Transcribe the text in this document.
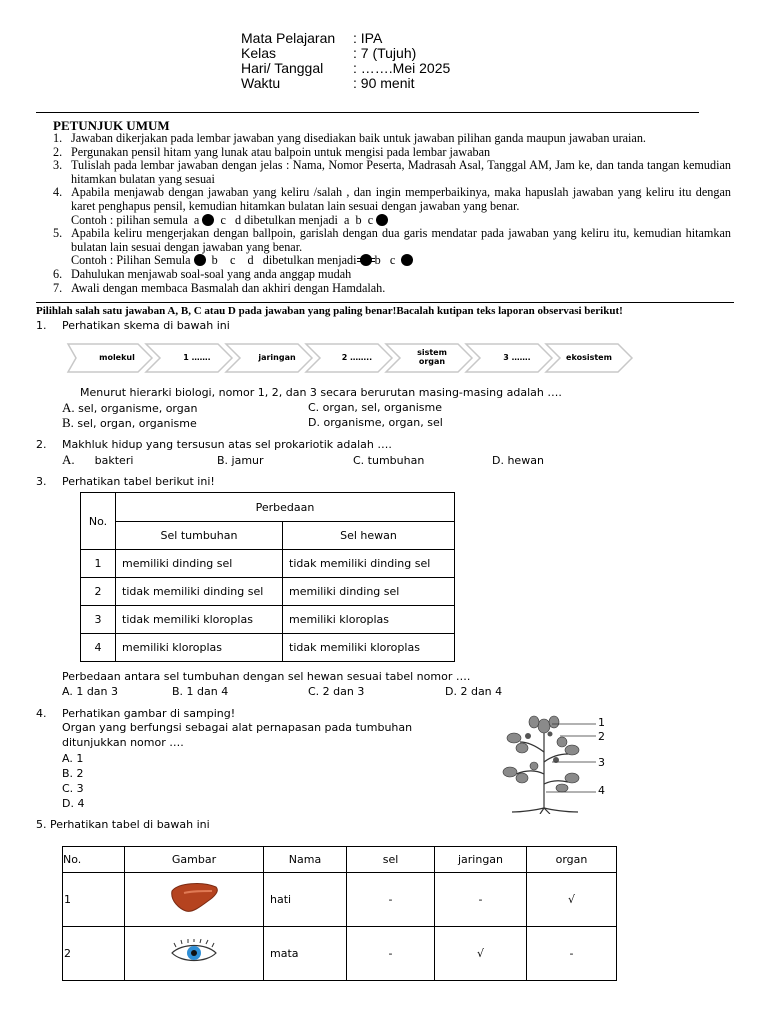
Mata Pelajaran : IPA
Kelas	: 7 (Tujuh)
Hari/ Tanggal : …….Mei 2025
Waktu	: 90 menit
PETUNJUK UMUM
1. Jawaban dikerjakan pada lembar jawaban yang disediakan baik untuk jawaban pilihan ganda maupun jawaban uraian.
2. Pergunakan pensil hitam yang lunak atau balpoin untuk mengisi pada lembar jawaban
3. Tulislah pada lembar jawaban dengan jelas : Nama, Nomor Peserta, Madrasah Asal, Tanggal AM, Jam ke, dan tanda tangan kemudian hitamkan bulatan yang sesuai
4. Apabila menjawab dengan jawaban yang keliru /salah , dan ingin memperbaikinya, maka hapuslah jawaban yang keliru itu dengan karet penghapus pensil, kemudian hitamkan bulatan lain sesuai dengan jawaban yang benar.
Contoh : pilihan semula a c d dibetulkan menjadi a b c
5. Apabila keliru mengerjakan dengan ballpoin, garislah dengan dua garis mendatar pada jawaban yang keliru itu, kemudian hitamkan bulatan lain sesuai dengan jawaban yang benar.
Contoh : Pilihan Semula b c d dibetulkan menjadi b c
6. Dahulukan menjawab soal-soal yang anda anggap mudah
7. Awali dengan membaca Basmalah dan akhiri dengan Hamdalah.
Pilihlah salah satu jawaban A, B, C atau D pada jawaban yang paling benar!Bacalah kutipan teks laporan observasi berikut!
1. Perhatikan skema di bawah ini
molekul	1 …….	jaringan	2 ……..
sistem organ	3 …….	ekosistem
Menurut hierarki biologi, nomor 1, 2, dan 3 secara berurutan masing-masing adalah ….
A. sel, organisme, organ	C. organ, sel, organisme
B. sel, organ, organisme	D. organisme, organ, sel
2. Makhluk hidup yang tersusun atas sel prokariotik adalah ….
A. bakteri	B. jamur	C. tumbuhan	D. hewan
3. Perhatikan tabel berikut ini!
No.	Perbedaan	
	Sel tumbuhan	Sel hewan
1	memiliki dinding sel	tidak memiliki dinding sel
2	tidak memiliki dinding sel	memiliki dinding sel
3	tidak memiliki kloroplas	memiliki kloroplas
4	memiliki kloroplas	tidak memiliki kloroplas
Perbedaan antara sel tumbuhan dengan sel hewan sesuai tabel nomor ….
A. 1 dan 3	B. 1 dan 4	C. 2 dan 3	D. 2 dan 4
4. Perhatikan gambar di samping!
Organ yang berfungsi sebagai alat pernapasan pada tumbuhan
ditunjukkan nomor ….
A. 1
B. 2
C. 3
D. 4
1
2
3
4
5. Perhatikan tabel di bawah ini
No.	Gambar	Nama	sel	jaringan	organ
1		hati	-	-	√
2		mata	-	√	-
